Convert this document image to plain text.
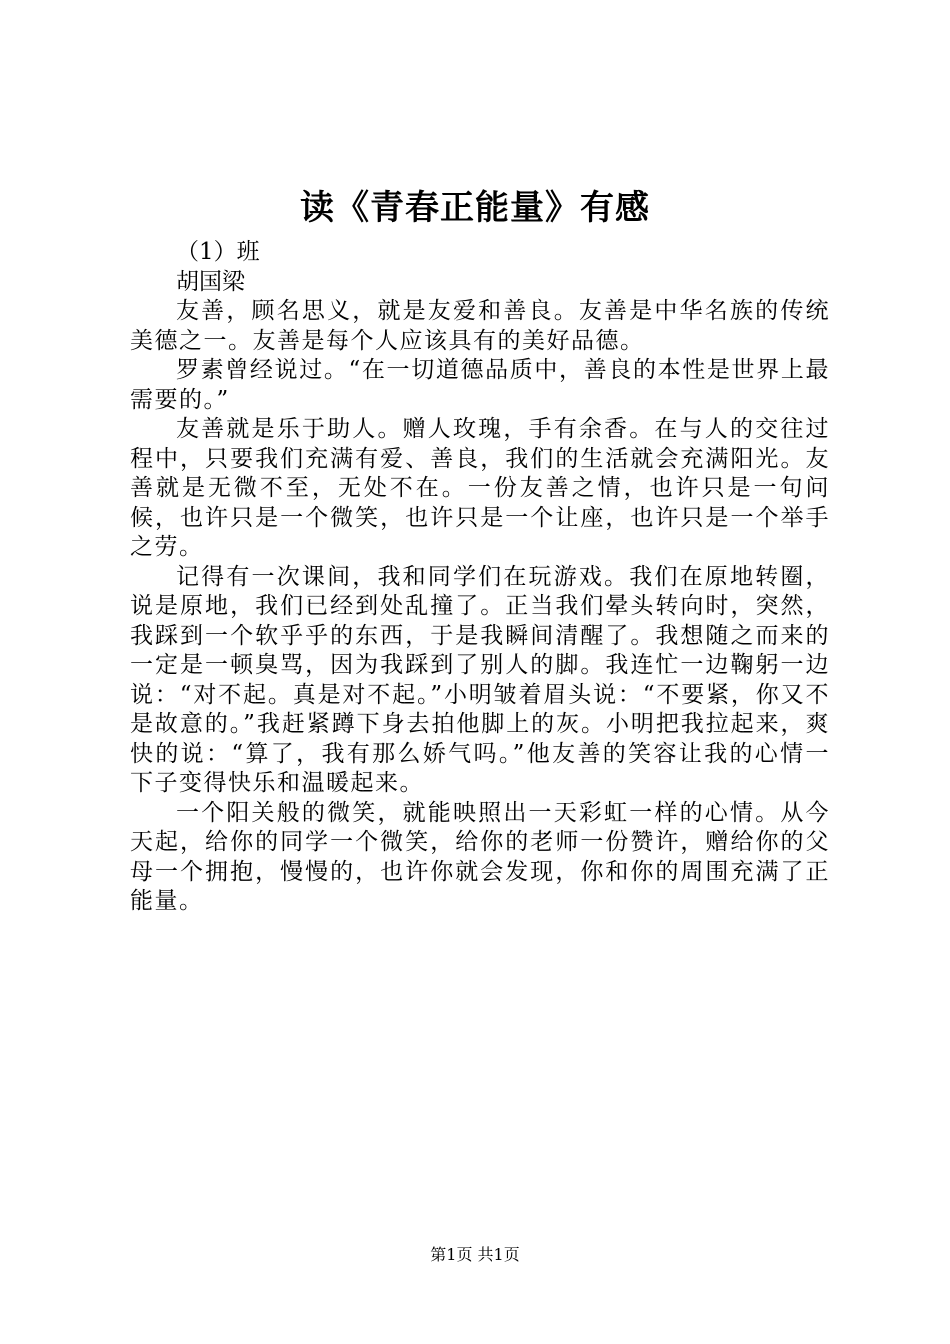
读《青春正能量》有感

（1）班

胡国梁

友善，顾名思义，就是友爱和善良。友善是中华名族的传统美德之一。友善是每个人应该具有的美好品德。

罗素曾经说过。“在一切道德品质中，善良的本性是世界上最需要的。”

友善就是乐于助人。赠人玫瑰，手有余香。在与人的交往过程中，只要我们充满有爱、善良，我们的生活就会充满阳光。友善就是无微不至，无处不在。一份友善之情，也许只是一句问候，也许只是一个微笑，也许只是一个让座，也许只是一个举手之劳。

记得有一次课间，我和同学们在玩游戏。我们在原地转圈，说是原地，我们已经到处乱撞了。正当我们晕头转向时，突然，我踩到一个软乎乎的东西，于是我瞬间清醒了。我想随之而来的一定是一顿臭骂，因为我踩到了别人的脚。我连忙一边鞠躬一边说：“对不起。真是对不起。”小明皱着眉头说：“不要紧，你又不是故意的。”我赶紧蹲下身去拍他脚上的灰。小明把我拉起来，爽快的说：“算了，我有那么娇气吗。”他友善的笑容让我的心情一下子变得快乐和温暖起来。

一个阳关般的微笑，就能映照出一天彩虹一样的心情。从今天起，给你的同学一个微笑，给你的老师一份赞许，赠给你的父母一个拥抱，慢慢的，也许你就会发现，你和你的周围充满了正能量。

第1页 共1页
